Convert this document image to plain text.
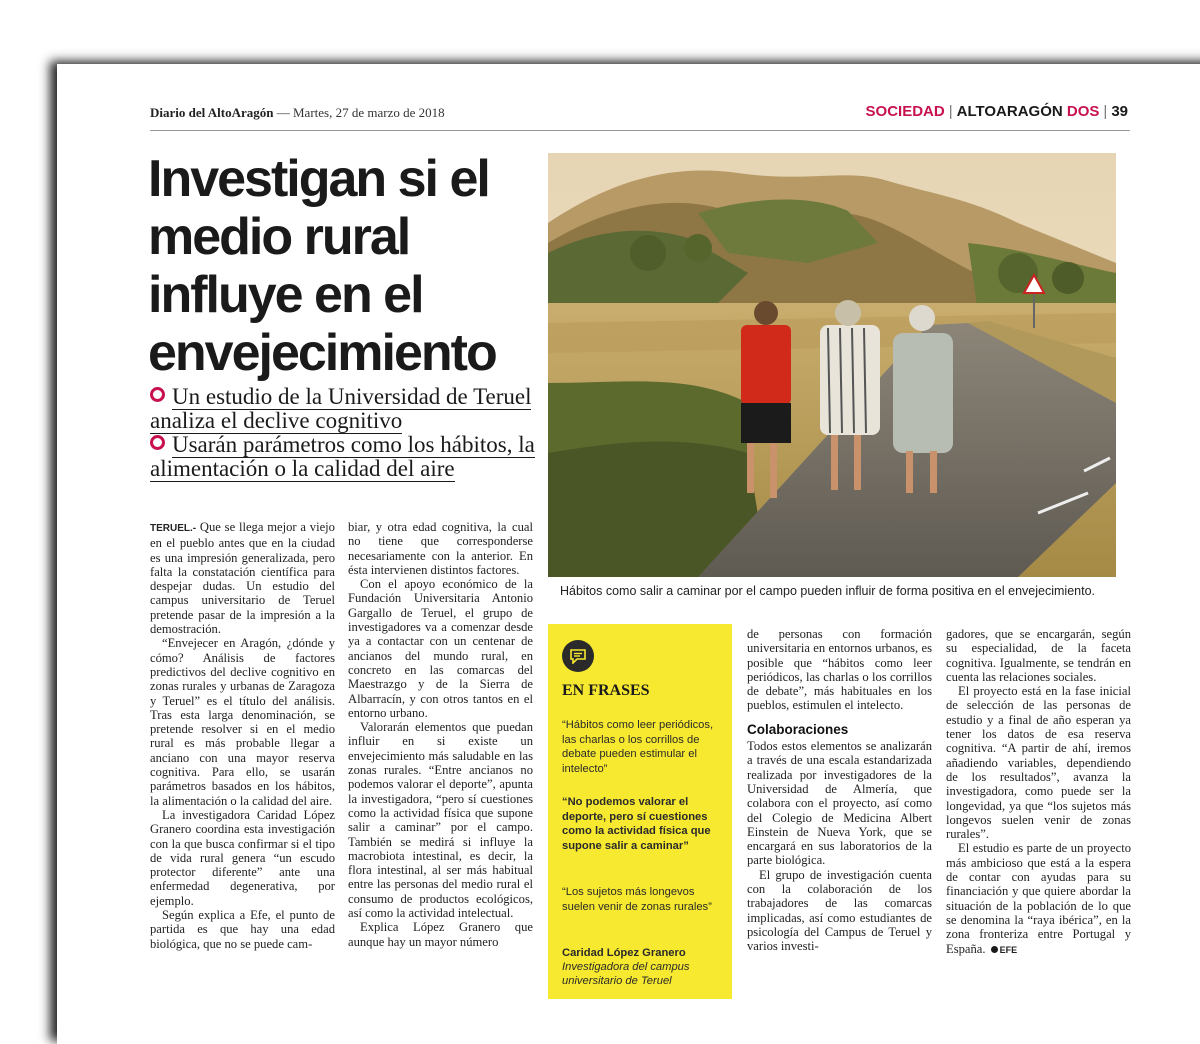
Diario del AltoAragón — Martes, 27 de marzo de 2018	SOCIEDAD | ALTOARAGÓN DOS | 39
Investigan si el medio rural influye en el envejecimiento
Un estudio de la Universidad de Teruel analiza el declive cognitivo
Usarán parámetros como los hábitos, la alimentación o la calidad del aire
Hábitos como salir a caminar por el campo pueden influir de forma positiva en el envejecimiento.

TERUEL.- Que se llega mejor a viejo en el pueblo antes que en la ciudad es una impresión generalizada, pero falta la constatación científica para despejar dudas. Un estudio del campus universitario de Teruel pretende pasar de la impresión a la demostración.

“Envejecer en Aragón, ¿dónde y cómo? Análisis de factores predictivos del declive cognitivo en zonas rurales y urbanas de Zaragoza y Teruel” es el título del análisis. Tras esta larga denominación, se pretende resolver si en el medio rural es más probable llegar a anciano con una mayor reserva cognitiva. Para ello, se usarán parámetros basados en los hábitos, la alimentación o la calidad del aire.

La investigadora Caridad López Granero coordina esta investigación con la que busca confirmar si el tipo de vida rural genera “un escudo protector diferente” ante una enfermedad degenerativa, por ejemplo.

Según explica a Efe, el punto de partida es que hay una edad biológica, que no se puede cam-

biar, y otra edad cognitiva, la cual no tiene que corresponderse necesariamente con la anterior. En ésta intervienen distintos factores.

Con el apoyo económico de la Fundación Universitaria Antonio Gargallo de Teruel, el grupo de investigadores va a comenzar desde ya a contactar con un centenar de ancianos del mundo rural, en concreto en las comarcas del Maestrazgo y de la Sierra de Albarracín, y con otros tantos en el entorno urbano.

Valorarán elementos que puedan influir en si existe un envejecimiento más saludable en las zonas rurales. “Entre ancianos no podemos valorar el deporte”, apunta la investigadora, “pero sí cuestiones como la actividad física que supone salir a caminar” por el campo. También se medirá si influye la macrobiota intestinal, es decir, la flora intestinal, al ser más habitual entre las personas del medio rural el consumo de productos ecológicos, así como la actividad intelectual.

Explica López Granero que aunque hay un mayor número

EN FRASES
“Hábitos como leer periódicos, las charlas o los corrillos de debate pueden estimular el intelecto”
“No podemos valorar el deporte, pero sí cuestiones como la actividad física que supone salir a caminar”
“Los sujetos más longevos suelen venir de zonas rurales”
Caridad López Granero
Investigadora del campus universitario de Teruel

de personas con formación universitaria en entornos urbanos, es posible que “hábitos como leer periódicos, las charlas o los corrillos de debate”, más habituales en los pueblos, estimulen el intelecto.

Colaboraciones

Todos estos elementos se analizarán a través de una escala estandarizada realizada por investigadores de la Universidad de Almería, que colabora con el proyecto, así como del Colegio de Medicina Albert Einstein de Nueva York, que se encargará en sus laboratorios de la parte biológica.

El grupo de investigación cuenta con la colaboración de los trabajadores de las comarcas implicadas, así como estudiantes de psicología del Campus de Teruel y varios investi-

gadores, que se encargarán, según su especialidad, de la faceta cognitiva. Igualmente, se tendrán en cuenta las relaciones sociales.

El proyecto está en la fase inicial de selección de las personas de estudio y a final de año esperan ya tener los datos de esa reserva cognitiva. “A partir de ahí, iremos añadiendo variables, dependiendo de los resultados”, avanza la investigadora, como puede ser la longevidad, ya que “los sujetos más longevos suelen venir de zonas rurales”.

El estudio es parte de un proyecto más ambicioso que está a la espera de contar con ayudas para su financiación y que quiere abordar la situación de la población de lo que se denomina la “raya ibérica”, en la zona fronteriza entre Portugal y España. EFE
